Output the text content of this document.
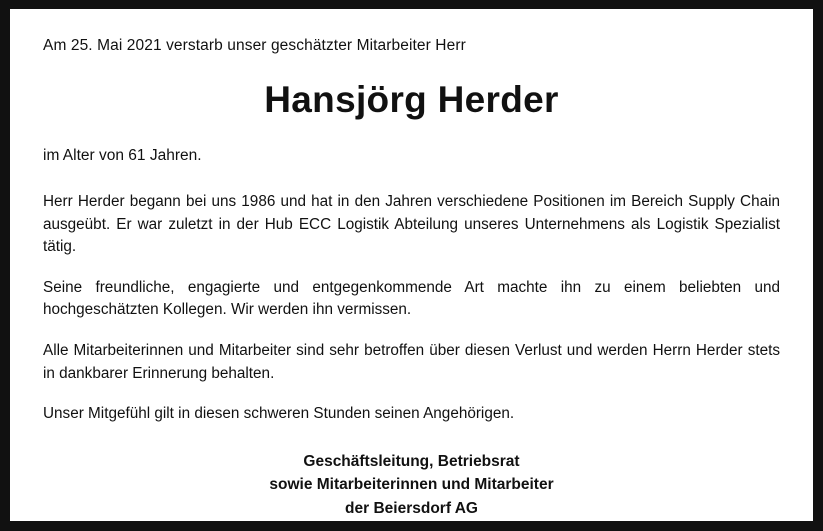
Am 25. Mai 2021 verstarb unser geschätzter Mitarbeiter Herr

Hansjörg Herder

im Alter von 61 Jahren.

Herr Herder begann bei uns 1986 und hat in den Jahren verschiedene Positionen im Bereich Supply Chain ausgeübt. Er war zuletzt in der Hub ECC Logistik Abteilung unseres Unternehmens als Logistik Spezialist tätig.

Seine freundliche, engagierte und entgegenkommende Art machte ihn zu einem beliebten und hochgeschätzten Kollegen. Wir werden ihn vermissen.

Alle Mitarbeiterinnen und Mitarbeiter sind sehr betroffen über diesen Verlust und werden Herrn Herder stets in dankbarer Erinnerung behalten.

Unser Mitgefühl gilt in diesen schweren Stunden seinen Angehörigen.

Geschäftsleitung, Betriebsrat
sowie Mitarbeiterinnen und Mitarbeiter
der Beiersdorf AG
